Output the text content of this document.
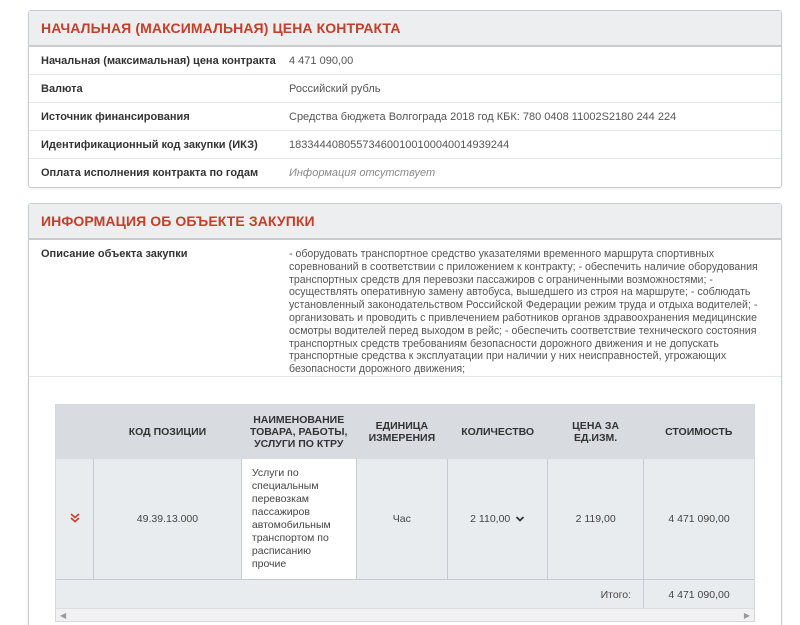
НАЧАЛЬНАЯ (МАКСИМАЛЬНАЯ) ЦЕНА КОНТРАКТА
Начальная (максимальная) цена контракта	4 471 090,00
Валюта	Российский рубль
Источник финансирования	Средства бюджета Волгограда 2018 год КБК: 780 0408 11002S2180 244 224
Идентификационный код закупки (ИКЗ)	183344408055734600100100040014939244
Оплата исполнения контракта по годам	Информация отсутствует
ИНФОРМАЦИЯ ОБ ОБЪЕКТЕ ЗАКУПКИ
Описание объекта закупки	- оборудовать транспортное средство указателями временного маршрута спортивных соревнований в соответствии с приложением к контракту; - обеспечить наличие оборудования транспортных средств для перевозки пассажиров с ограниченными возможностями; - осуществлять оперативную замену автобуса, вышедшего из строя на маршруте; - соблюдать установленный законодательством Российской Федерации режим труда и отдыха водителей; - организовать и проводить с привлечением работников органов здравоохранения медицинские осмотры водителей перед выходом в рейс; - обеспечить соответствие технического состояния транспортных средств требованиям безопасности дорожного движения и не допускать транспортные средства к эксплуатации при наличии у них неисправностей, угрожающих безопасности дорожного движения;
	КОД ПОЗИЦИИ	НАИМЕНОВАНИЕ ТОВАРА, РАБОТЫ, УСЛУГИ ПО КТРУ	ЕДИНИЦА ИЗМЕРЕНИЯ	КОЛИЧЕСТВО	ЦЕНА ЗА ЕД.ИЗМ.	СТОИМОСТЬ
	49.39.13.000	Услуги по специальным перевозкам пассажиров автомобильным транспортом по расписанию прочие	Час	2 110,00	2 119,00	4 471 090,00
Итого:						4 471 090,00
◀	▶
